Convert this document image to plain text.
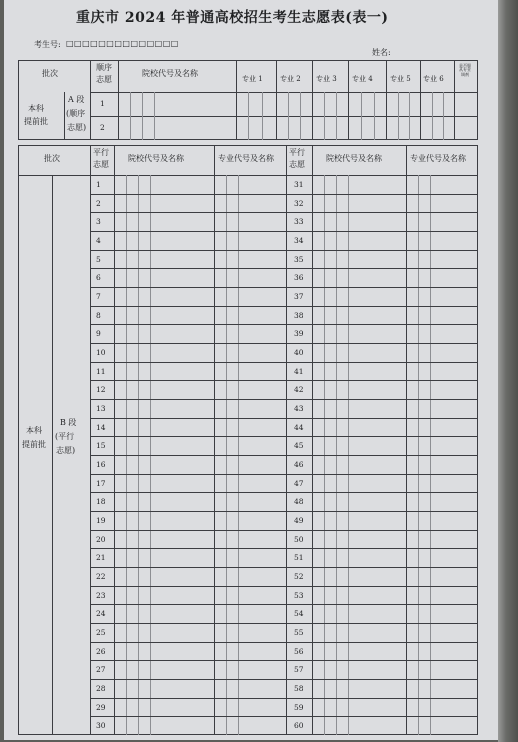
重庆市 2024 年普通高校招生考生志愿表(表一)
考生号: □□□□□□□□□□□□□□
姓名:
批次
顺序
志愿
院校代号及名称
专业 1 专业 2 专业 3 专业 4 专业 5 专业 6
是否服从专业调剂
本科
提前批
A 段
(顺序
志愿)
1
2
批次
平行
志愿
院校代号及名称	专业代号及名称
平行
志愿
院校代号及名称	专业代号及名称
本科
提前批
B 段
(平行
志愿)
1
2
3
4
5
6
7
8
9
10
11
12
13
14
15
16
17
18
19
20
21
22
23
24
25
26
27
28
29
30
31
32
33
34
35
36
37
38
39
40
41
42
43
44
45
46
47
48
49
50
51
52
53
54
55
56
57
58
59
60
